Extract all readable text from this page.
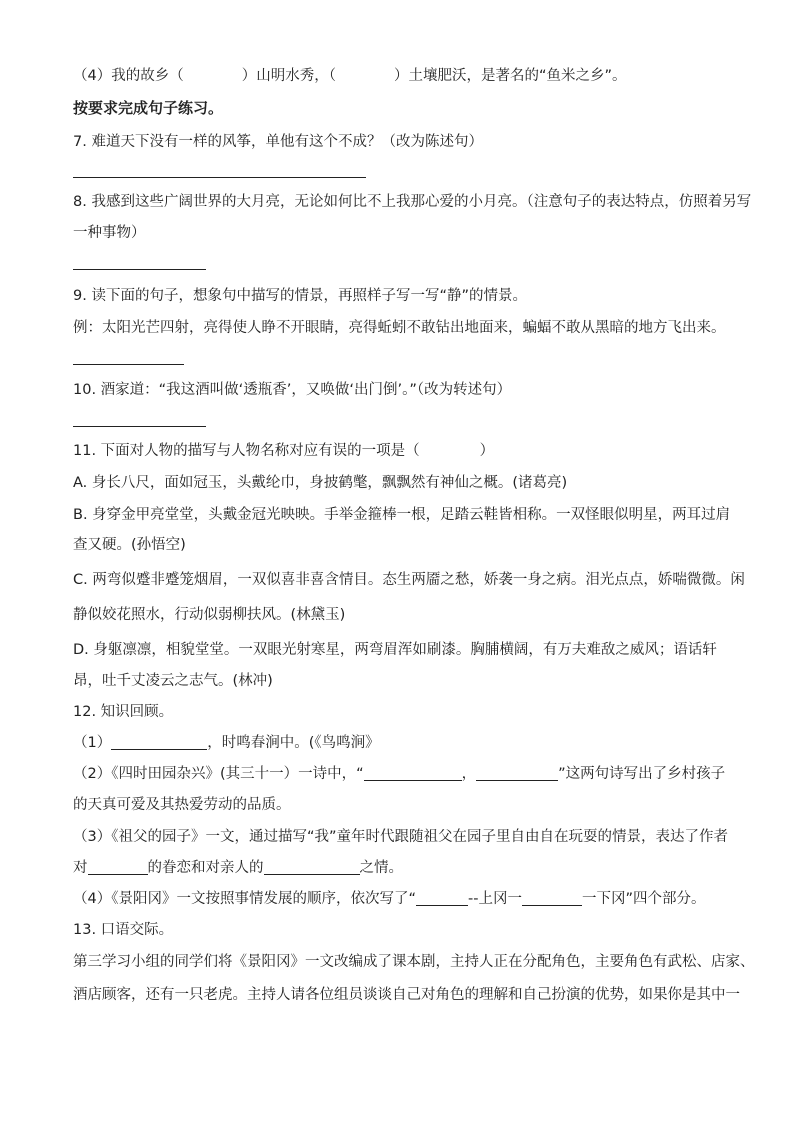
（4）我的故乡（	）山明水秀，（	）土壤肥沃，是著名的“鱼米之乡”。
按要求完成句子练习。
7. 难道天下没有一样的风筝，单他有这个不成？（改为陈述句）
8. 我感到这些广阔世界的大月亮，无论如何比不上我那心爱的小月亮。（注意句子的表达特点，仿照着另写
一种事物）
9. 读下面的句子，想象句中描写的情景，再照样子写一写“静”的情景。
例：太阳光芒四射，亮得使人睁不开眼睛，亮得蚯蚓不敢钻出地面来，蝙蝠不敢从黑暗的地方飞出来。
10. 酒家道：“我这酒叫做‘透瓶香’，又唤做‘出门倒’。”（改为转述句）
11. 下面对人物的描写与人物名称对应有误的一项是（	）
A. 身长八尺，面如冠玉，头戴纶巾，身披鹤氅，飘飘然有神仙之概。(诸葛亮)
B. 身穿金甲亮堂堂，头戴金冠光映映。手举金箍棒一根，足踏云鞋皆相称。一双怪眼似明星，两耳过肩
查又硬。(孙悟空)
C. 两弯似蹙非蹙笼烟眉，一双似喜非喜含情目。态生两靥之愁，娇袭一身之病。泪光点点，娇喘微微。闲
静似姣花照水，行动似弱柳扶风。(林黛玉)
D. 身躯凛凛，相貌堂堂。一双眼光射寒星，两弯眉浑如刷漆。胸脯横阔，有万夫难敌之威风；语话轩
昂，吐千丈凌云之志气。(林冲)
12. 知识回顾。
（1）	，时鸣春涧中。(《鸟鸣涧》
（2）《四时田园杂兴》(其三十一）一诗中，“	，	”这两句诗写出了乡村孩子
的天真可爱及其热爱劳动的品质。
（3）《祖父的园子》一文，通过描写“我”童年时代跟随祖父在园子里自由自在玩耍的情景，表达了作者
对	的眷恋和对亲人的	之情。
（4）《景阳冈》一文按照事情发展的顺序，依次写了“	--上冈一	一下冈”四个部分。
13. 口语交际。
第三学习小组的同学们将《景阳冈》一文改编成了课本剧，主持人正在分配角色，主要角色有武松、店家、
酒店顾客，还有一只老虎。主持人请各位组员谈谈自己对角色的理解和自己扮演的优势，如果你是其中一
